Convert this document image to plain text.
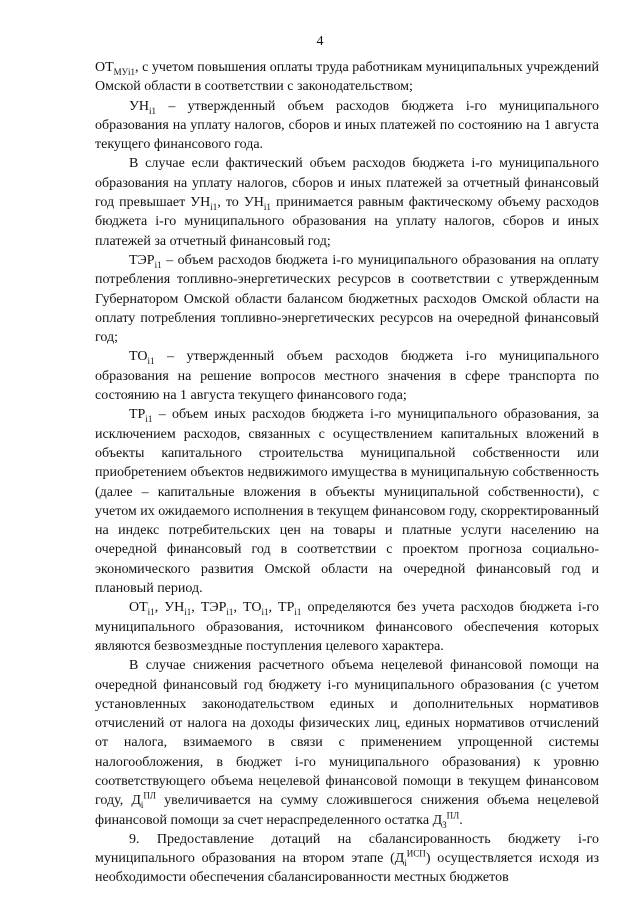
4

$ОТ_{МУi1}$, с учетом повышения оплаты труда работникам муниципальных учреждений Омской области в соответствии с законодательством;

$УН_{i1}$ – утвержденный объем расходов бюджета i-го муниципального образования на уплату налогов, сборов и иных платежей по состоянию на 1 августа текущего финансового года.

В случае если фактический объем расходов бюджета i-го муниципального образования на уплату налогов, сборов и иных платежей за отчетный финансовый год превышает $УН_{i1}$, то $УН_{i1}$ принимается равным фактическому объему расходов бюджета i-го муниципального образования на уплату налогов, сборов и иных платежей за отчетный финансовый год;

$ТЭР_{i1}$ – объем расходов бюджета i-го муниципального образования на оплату потребления топливно-энергетических ресурсов в соответствии с утвержденным Губернатором Омской области балансом бюджетных расходов Омской области на оплату потребления топливно-энергетических ресурсов на очередной финансовый год;

$ТО_{i1}$ – утвержденный объем расходов бюджета i-го муниципального образования на решение вопросов местного значения в сфере транспорта по состоянию на 1 августа текущего финансового года;

$ТР_{i1}$ – объем иных расходов бюджета i-го муниципального образования, за исключением расходов, связанных с осуществлением капитальных вложений в объекты капитального строительства муниципальной собственности или приобретением объектов недвижимого имущества в муниципальную собственность (далее – капитальные вложения в объекты муниципальной собственности), с учетом их ожидаемого исполнения в текущем финансовом году, скорректированный на индекс потребительских цен на товары и платные услуги населению на очередной финансовый год в соответствии с проектом прогноза социально-экономического развития Омской области на очередной финансовый год и плановый период.

$ОТ_{i1}$, $УН_{i1}$, $ТЭР_{i1}$, $ТО_{i1}$, $ТР_{i1}$ определяются без учета расходов бюджета i-го муниципального образования, источником финансового обеспечения которых являются безвозмездные поступления целевого характера.

В случае снижения расчетного объема нецелевой финансовой помощи на очередной финансовый год бюджету i-го муниципального образования (с учетом установленных законодательством единых и дополнительных нормативов отчислений от налога на доходы физических лиц, единых нормативов отчислений от налога, взимаемого в связи с применением упрощенной системы налогообложения, в бюджет i-го муниципального образования) к уровню соответствующего объема нецелевой финансовой помощи в текущем финансовом году, $Д_i^{ПЛ}$ увеличивается на сумму сложившегося снижения объема нецелевой финансовой помощи за счет нераспределенного остатка $Д_3^{ПЛ}$.

9. Предоставление дотаций на сбалансированность бюджету i-го муниципального образования на втором этапе $(Д_i^{ИСП})$ осуществляется исходя из необходимости обеспечения сбалансированности местных бюджетов
